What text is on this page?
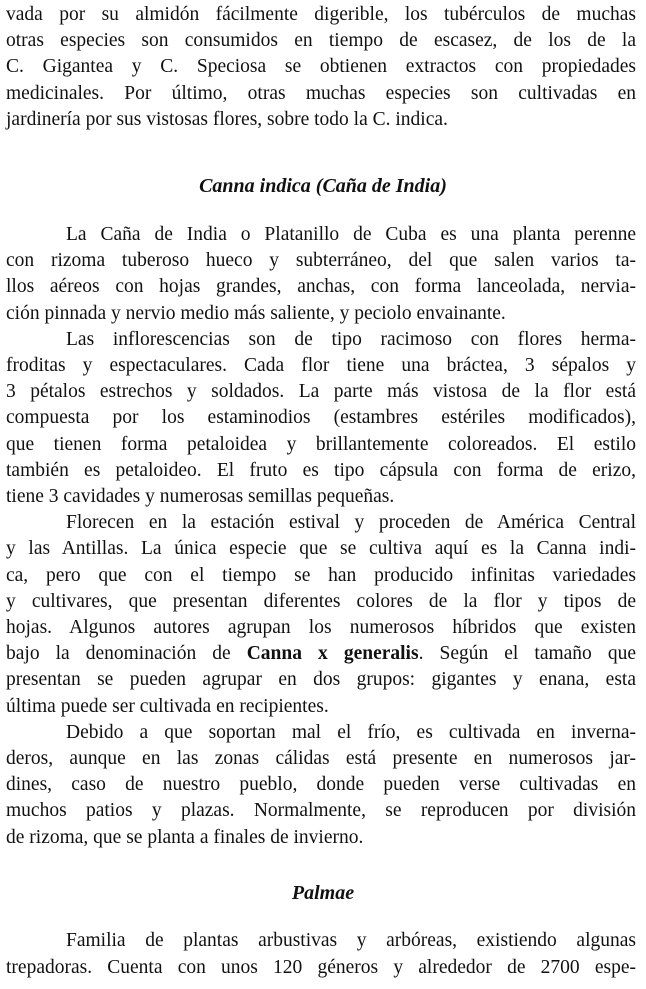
vada por su almidón fácilmente digerible, los tubérculos de muchas
otras especies son consumidos en tiempo de escasez, de los de la
C. Gigantea y C. Speciosa se obtienen extractos con propiedades
medicinales. Por último, otras muchas especies son cultivadas en
jardinería por sus vistosas flores, sobre todo la C. indica.
Canna indica (Caña de India)
La Caña de India o Platanillo de Cuba es una planta perenne
con rizoma tuberoso hueco y subterráneo, del que salen varios ta-
llos aéreos con hojas grandes, anchas, con forma lanceolada, nervia-
ción pinnada y nervio medio más saliente, y peciolo envainante.
Las inflorescencias son de tipo racimoso con flores herma-
froditas y espectaculares. Cada flor tiene una bráctea, 3 sépalos y
3 pétalos estrechos y soldados. La parte más vistosa de la flor está
compuesta por los estaminodios (estambres estériles modificados),
que tienen forma petaloidea y brillantemente coloreados. El estilo
también es petaloideo. El fruto es tipo cápsula con forma de erizo,
tiene 3 cavidades y numerosas semillas pequeñas.
Florecen en la estación estival y proceden de América Central
y las Antillas. La única especie que se cultiva aquí es la Canna indi-
ca, pero que con el tiempo se han producido infinitas variedades
y cultivares, que presentan diferentes colores de la flor y tipos de
hojas. Algunos autores agrupan los numerosos híbridos que existen
bajo la denominación de Canna x generalis. Según el tamaño que
presentan se pueden agrupar en dos grupos: gigantes y enana, esta
última puede ser cultivada en recipientes.
Debido a que soportan mal el frío, es cultivada en inverna-
deros, aunque en las zonas cálidas está presente en numerosos jar-
dines, caso de nuestro pueblo, donde pueden verse cultivadas en
muchos patios y plazas. Normalmente, se reproducen por división
de rizoma, que se planta a finales de invierno.
Palmae
Familia de plantas arbustivas y arbóreas, existiendo algunas
trepadoras. Cuenta con unos 120 géneros y alrededor de 2700 espe-
